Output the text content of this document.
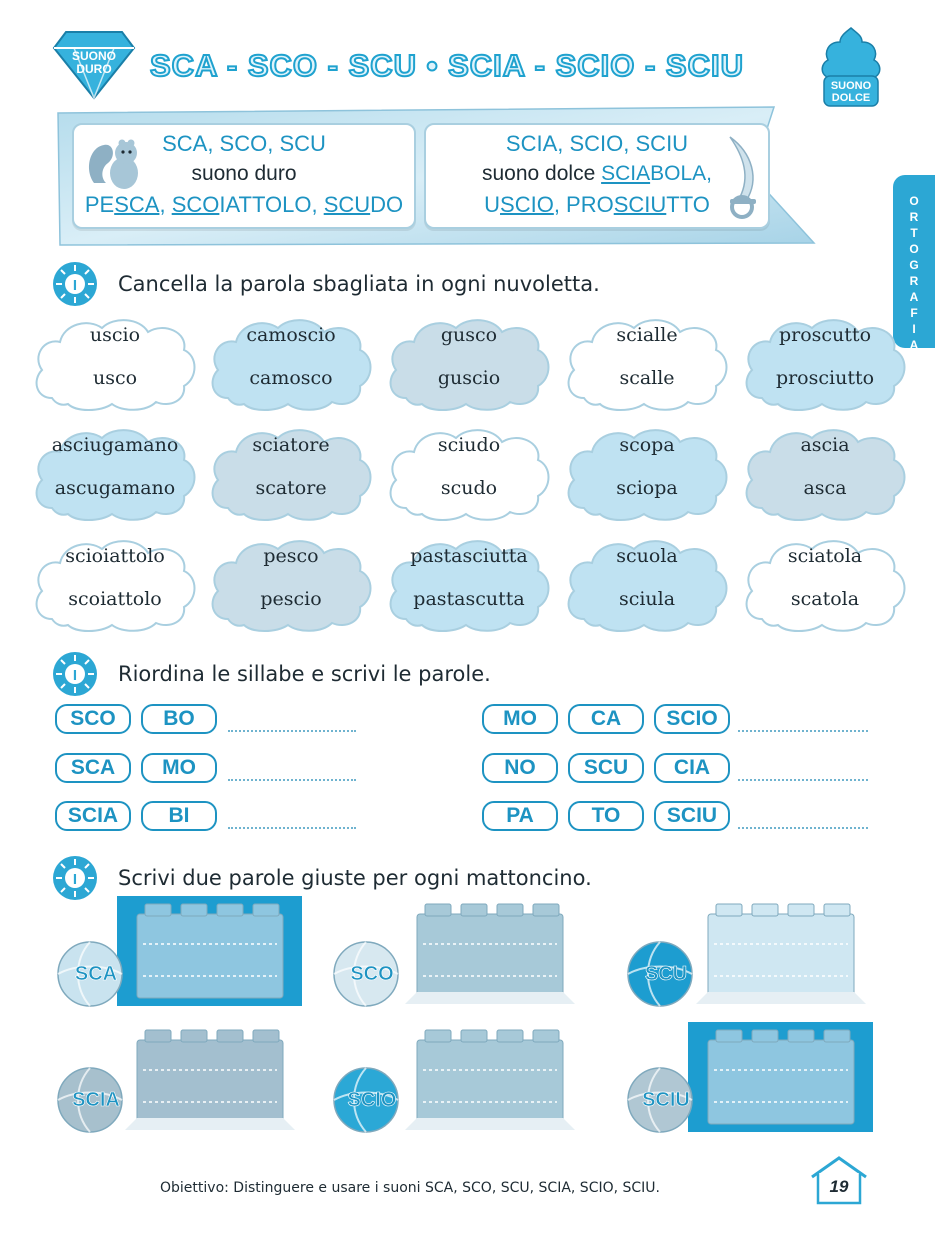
SUONO
DURO SCA - SCO - SCU • SCIA - SCIO - SCIU
SUONO
DOLCE
SCA, SCO, SCU
suono duro
PESCA, SCOIATTOLO, SCUDO
SCIA, SCIO, SCIU
suono dolce SCIABOLA,
USCIO, PROSCIUTTO	O
R
T
O
G
R
A
F
I
A
I Cancella la parola sbagliata in ogni nuvoletta.
uscio
usco
camoscio
camosco
gusco
guscio
scialle
scalle
proscutto
prosciutto
asciugamano
ascugamano
sciatore
scatore
sciudo
scudo
scopa
sciopa
ascia
asca
scioiattolo
scoiattolo
pesco
pescio
pastasciutta
pastascutta
scuola
sciula
sciatola
scatola
I Riordina le sillabe e scrivi le parole.
SCO	BO
SCA	MO
SCIA	BI
MO	CA	SCIO
NO	SCU	CIA
PA	TO	SCIU
I Scrivi due parole giuste per ogni mattoncino.
SCA	SCO	SCU
SCIA	SCIO	SCIU
Obiettivo: Distinguere e usare i suoni SCA, SCO, SCU, SCIA, SCIO, SCIU.	19
